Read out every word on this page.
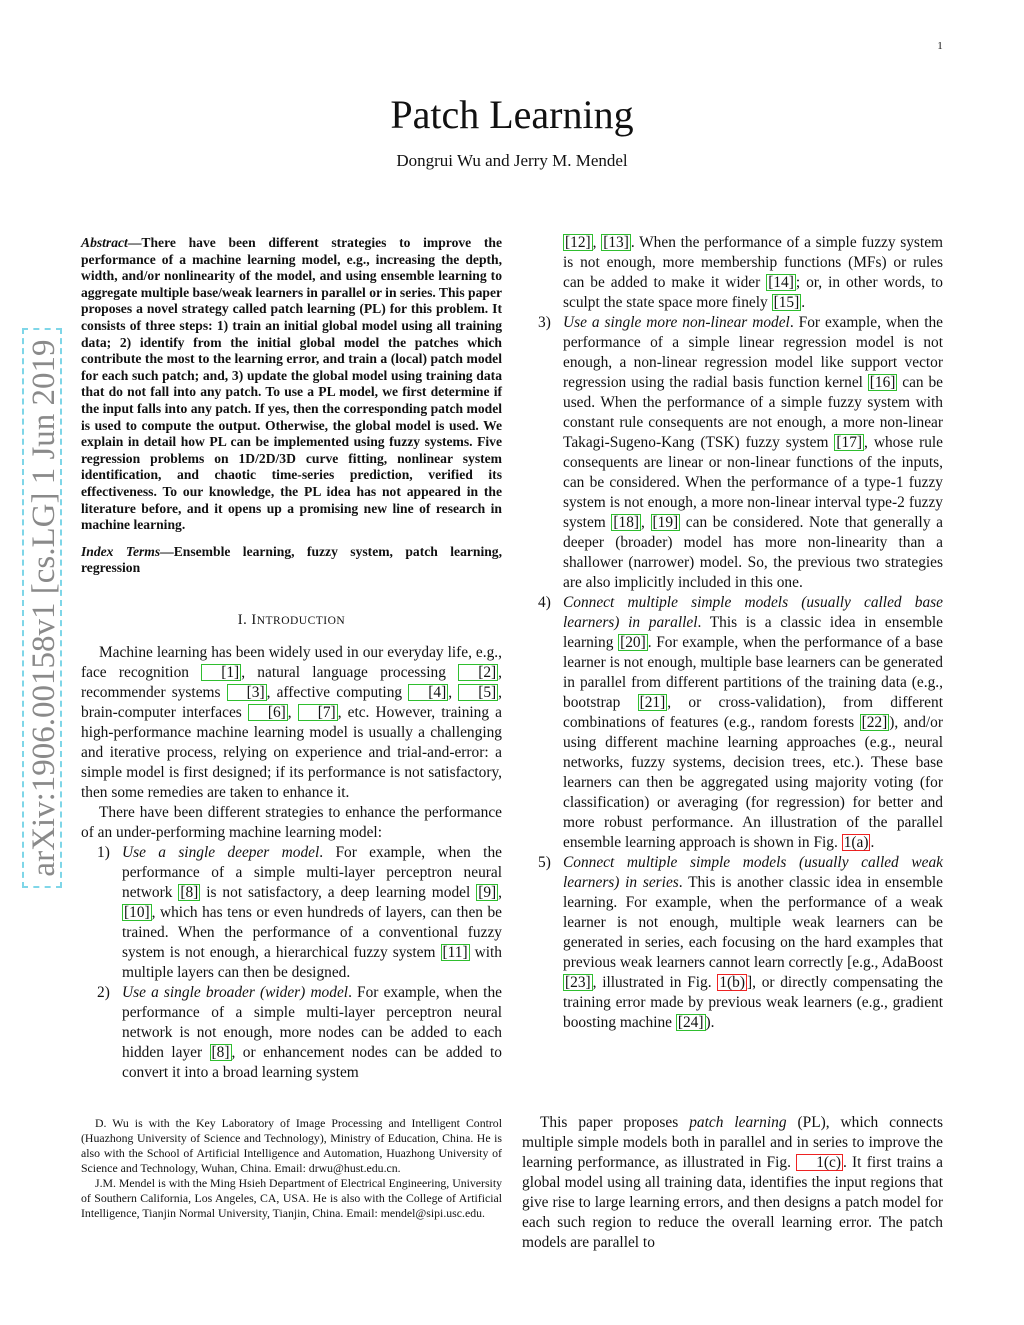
1
Patch Learning
Dongrui Wu and Jerry M. Mendel
arXiv:1906.00158v1 [cs.LG] 1 Jun 2019

Abstract—There have been different strategies to improve the performance of a machine learning model, e.g., increasing the depth, width, and/or nonlinearity of the model, and using ensemble learning to aggregate multiple base/weak learners in parallel or in series. This paper proposes a novel strategy called patch learning (PL) for this problem. It consists of three steps: 1) train an initial global model using all training data; 2) identify from the initial global model the patches which contribute the most to the learning error, and train a (local) patch model for each such patch; and, 3) update the global model using training data that do not fall into any patch. To use a PL model, we first determine if the input falls into any patch. If yes, then the corresponding patch model is used to compute the output. Otherwise, the global model is used. We explain in detail how PL can be implemented using fuzzy systems. Five regression problems on 1D/2D/3D curve fitting, nonlinear system identification, and chaotic time-series prediction, verified its effectiveness. To our knowledge, the PL idea has not appeared in the literature before, and it opens up a promising new line of research in machine learning.

Index Terms—Ensemble learning, fuzzy system, patch learning, regression

I. INTRODUCTION

Machine learning has been widely used in our everyday life, e.g., face recognition [1] , natural language processing [2] , recommender systems [3] , affective computing [4] , [5] , brain-computer interfaces [6] , [7] , etc. However, training a high-performance machine learning model is usually a challenging and iterative process, relying on experience and trial-and-error: a simple model is first designed; if its performance is not satisfactory, then some remedies are taken to enhance it.

There have been different strategies to enhance the performance of an under-performing machine learning model:

1) Use a single deeper model. For example, when the performance of a simple multi-layer perceptron neural network [8] is not satisfactory, a deep learning model [9] , [10] , which has tens or even hundreds of layers, can then be trained. When the performance of a conventional fuzzy system is not enough, a hierarchical fuzzy system [11] with multiple layers can then be designed.
2) Use a single broader (wider) model. For example, when the performance of a simple multi-layer perceptron neural network is not enough, more nodes can be added to each hidden layer [8] , or enhancement nodes can be added to convert it into a broad learning system
[12] , [13] . When the performance of a simple fuzzy system is not enough, more membership functions (MFs) or rules can be added to make it wider [14] ; or, in other words, to sculpt the state space more finely [15] .
3) Use a single more non-linear model. For example, when the performance of a simple linear regression model is not enough, a non-linear regression model like support vector regression using the radial basis function kernel [16] can be used. When the performance of a simple fuzzy system with constant rule consequents are not enough, a more non-linear Takagi-Sugeno-Kang (TSK) fuzzy system [17] , whose rule consequents are linear or non-linear functions of the inputs, can be considered. When the performance of a type-1 fuzzy system is not enough, a more non-linear interval type-2 fuzzy system [18] , [19] can be considered. Note that generally a deeper (broader) model has more non-linearity than a shallower (narrower) model. So, the previous two strategies are also implicitly included in this one.
4) Connect multiple simple models (usually called base learners) in parallel. This is a classic idea in ensemble learning [20] . For example, when the performance of a base learner is not enough, multiple base learners can be generated in parallel from different partitions of the training data (e.g., bootstrap [21] , or cross-validation), from different combinations of features (e.g., random forests [22] ), and/or using different machine learning approaches (e.g., neural networks, fuzzy systems, decision trees, etc.). These base learners can then be aggregated using majority voting (for classification) or averaging (for regression) for better and more robust performance. An illustration of the parallel ensemble learning approach is shown in Fig. 1(a) .
5) Connect multiple simple models (usually called weak learners) in series. This is another classic idea in ensemble learning. For example, when the performance of a weak learner is not enough, multiple weak learners can be generated in series, each focusing on the hard examples that previous weak learners cannot learn correctly [e.g., AdaBoost [23] , illustrated in Fig. 1(b) ], or directly compensating the training error made by previous weak learners (e.g., gradient boosting machine [24] ).

This paper proposes patch learning (PL), which connects multiple simple models both in parallel and in series to improve the learning performance, as illustrated in Fig. 1(c) . It first trains a global model using all training data, identifies the input regions that give rise to large learning errors, and then designs a patch model for each such region to reduce the overall learning error. The patch models are parallel to

D. Wu is with the Key Laboratory of Image Processing and Intelligent Control (Huazhong University of Science and Technology), Ministry of Education, China. He is also with the School of Artificial Intelligence and Automation, Huazhong University of Science and Technology, Wuhan, China. Email: drwu@hust.edu.cn.

J.M. Mendel is with the Ming Hsieh Department of Electrical Engineering, University of Southern California, Los Angeles, CA, USA. He is also with the College of Artificial Intelligence, Tianjin Normal University, Tianjin, China. Email: mendel@sipi.usc.edu.
